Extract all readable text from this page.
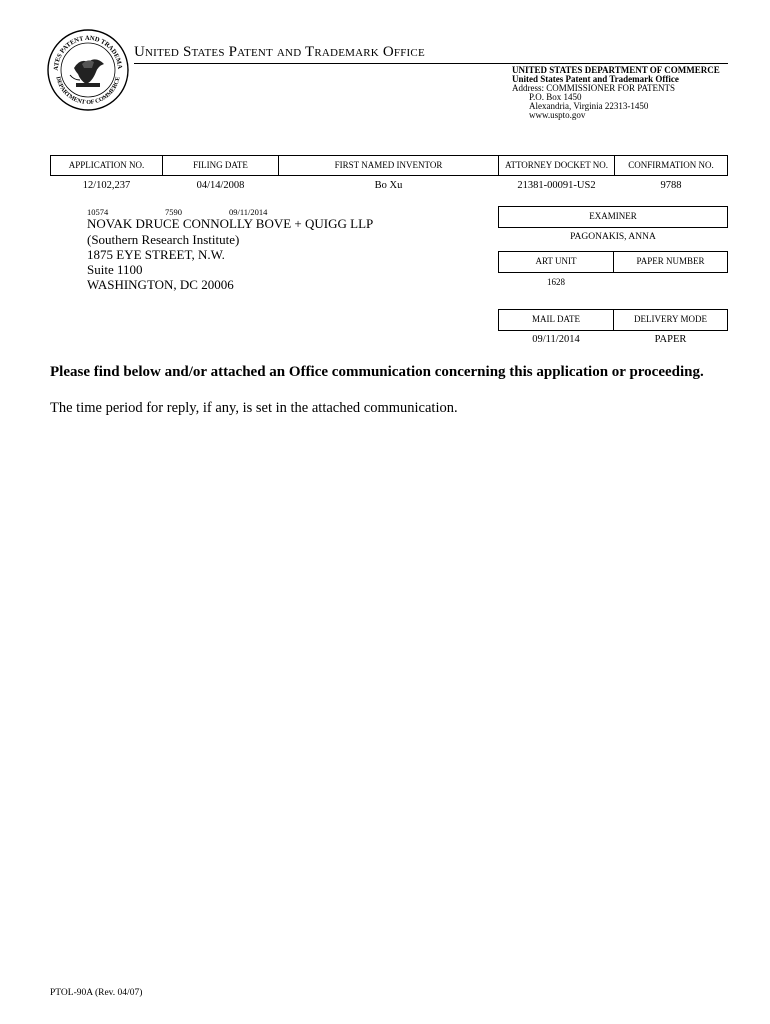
ATES PATENT AND TRADEMA
DEPARTMENT OF COMMERCE
United States Patent and Trademark Office
UNITED STATES DEPARTMENT OF COMMERCE
United States Patent and Trademark Office
Address: COMMISSIONER FOR PATENTS
P.O. Box 1450
Alexandria, Virginia 22313-1450
www.uspto.gov
APPLICATION NO.	FILING DATE	FIRST NAMED INVENTOR	ATTORNEY DOCKET NO.	CONFIRMATION NO.
12/102,237	04/14/2008	Bo Xu	21381-00091-US2	9788
10574	7590	09/11/2014
NOVAK DRUCE CONNOLLY BOVE + QUIGG LLP
(Southern Research Institute)
1875 EYE STREET, N.W.
Suite 1100
WASHINGTON, DC 20006
EXAMINER
PAGONAKIS, ANNA
ART UNIT	PAPER NUMBER
1628
MAIL DATE	DELIVERY MODE
09/11/2014	PAPER
Please find below and/or attached an Office communication concerning this application or proceeding.
The time period for reply, if any, is set in the attached communication.
PTOL-90A (Rev. 04/07)
